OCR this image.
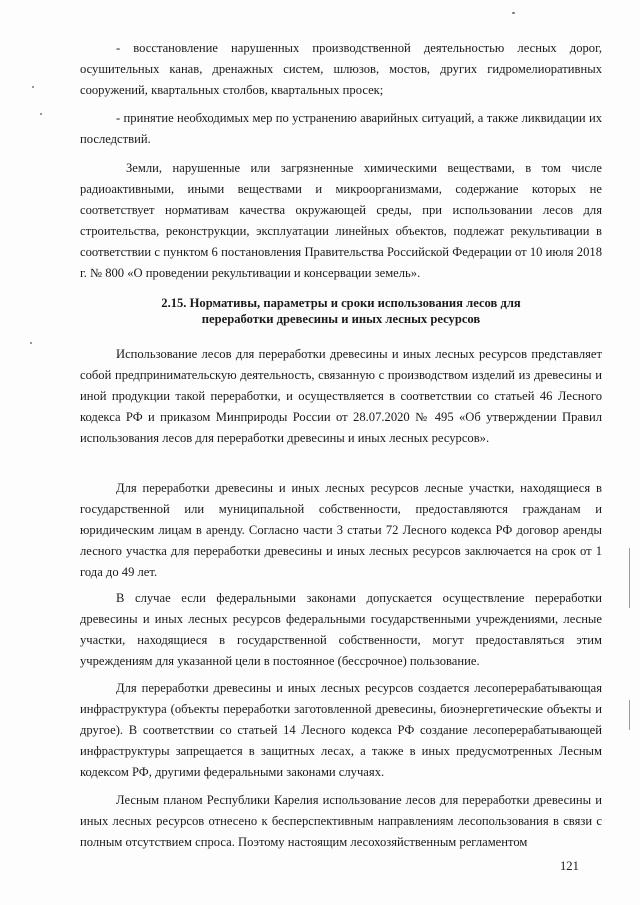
- восстановление нарушенных производственной деятельностью лесных дорог, осушительных канав, дренажных систем, шлюзов, мостов, других гидромелиоративных сооружений, квартальных столбов, квартальных просек;

- принятие необходимых мер по устранению аварийных ситуаций, а также ликвидации их последствий.

Земли, нарушенные или загрязненные химическими веществами, в том числе радиоактивными, иными веществами и микроорганизмами, содержание которых не соответствует нормативам качества окружающей среды, при использовании лесов для строительства, реконструкции, эксплуатации линейных объектов, подлежат рекультивации в соответствии с пунктом 6 постановления Правительства Российской Федерации от 10 июля 2018 г. № 800 «О проведении рекультивации и консервации земель».

2.15. Нормативы, параметры и сроки использования лесов для

переработки древесины и иных лесных ресурсов

Использование лесов для переработки древесины и иных лесных ресурсов представляет собой предпринимательскую деятельность, связанную с производством изделий из древесины и иной продукции такой переработки, и осуществляется в соответствии со статьей 46 Лесного кодекса РФ и приказом Минприроды России от 28.07.2020 № 495 «Об утверждении Правил использования лесов для переработки древесины и иных лесных ресурсов».

Для переработки древесины и иных лесных ресурсов лесные участки, находящиеся в государственной или муниципальной собственности, предоставляются гражданам и юридическим лицам в аренду. Согласно части 3 статьи 72 Лесного кодекса РФ договор аренды лесного участка для переработки древесины и иных лесных ресурсов заключается на срок от 1 года до 49 лет.

В случае если федеральными законами допускается осуществление переработки древесины и иных лесных ресурсов федеральными государственными учреждениями, лесные участки, находящиеся в государственной собственности, могут предоставляться этим учреждениям для указанной цели в постоянное (бессрочное) пользование.

Для переработки древесины и иных лесных ресурсов создается лесоперерабатывающая инфраструктура (объекты переработки заготовленной древесины, биоэнергетические объекты и другое). В соответствии со статьей 14 Лесного кодекса РФ создание лесоперерабатывающей инфраструктуры запрещается в защитных лесах, а также в иных предусмотренных Лесным кодексом РФ, другими федеральными законами случаях.

Лесным планом Республики Карелия использование лесов для переработки древесины и иных лесных ресурсов отнесено к бесперспективным направлениям лесопользования в связи с полным отсутствием спроса. Поэтому настоящим лесохозяйственным регламентом

121
